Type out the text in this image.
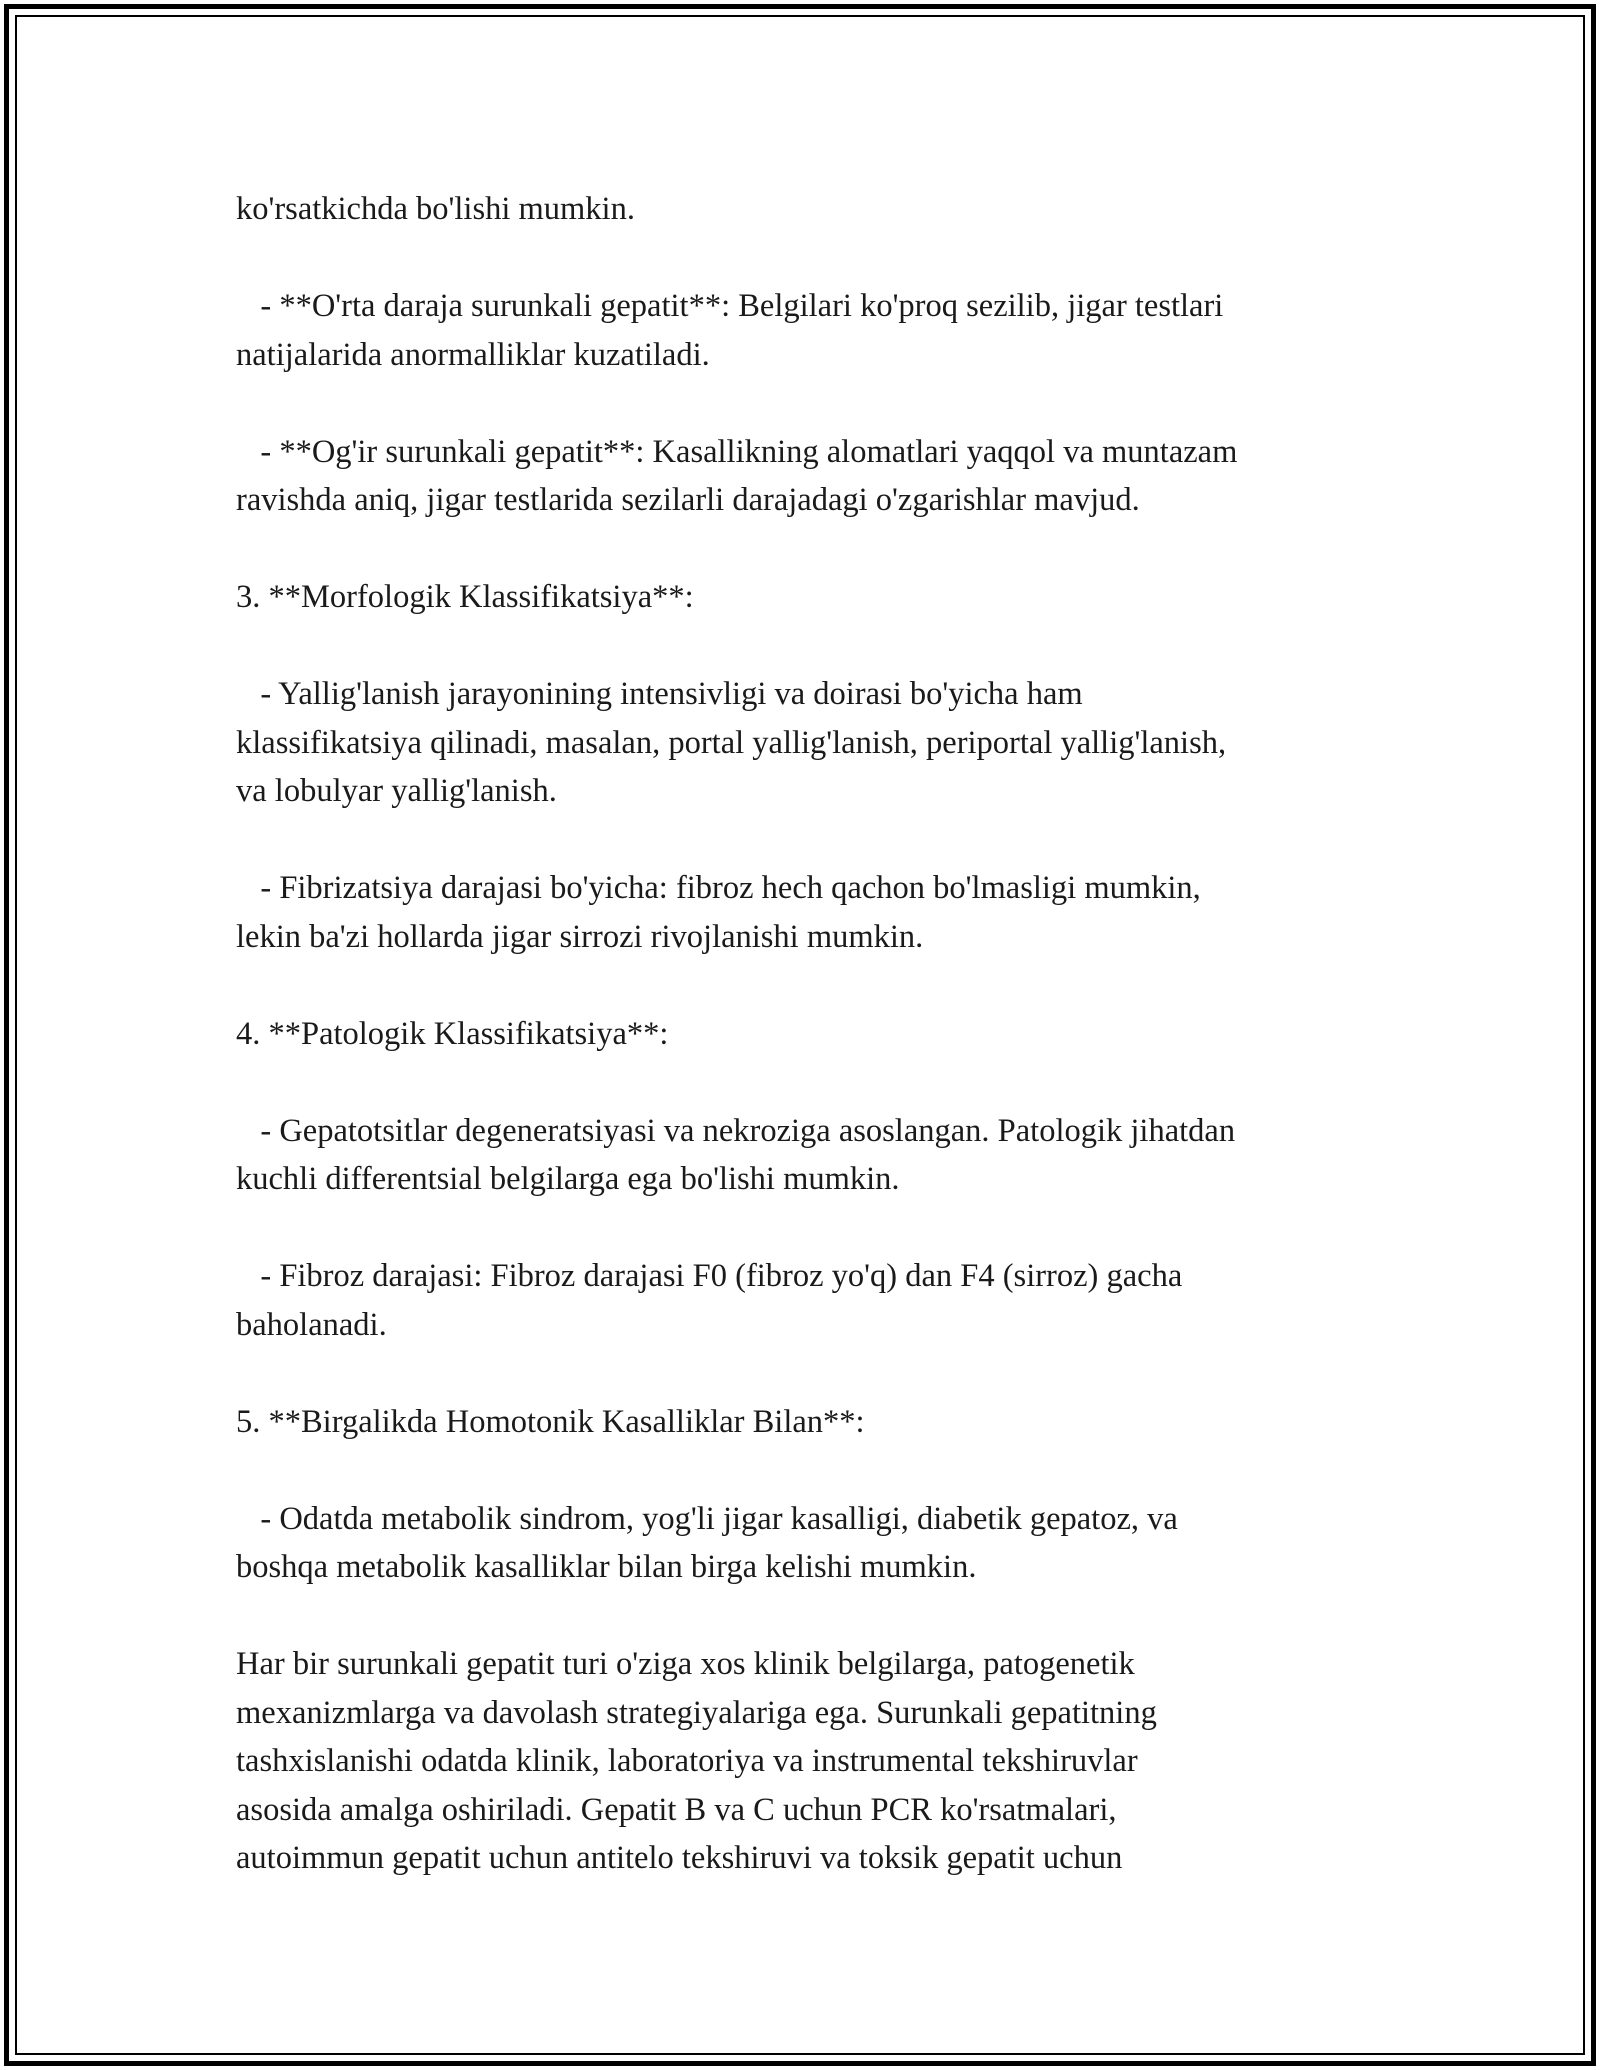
ko'rsatkichda bo'lishi mumkin.
- **O'rta daraja surunkali gepatit**: Belgilari ko'proq sezilib, jigar testlari
natijalarida anormalliklar kuzatiladi.
- **Og'ir surunkali gepatit**: Kasallikning alomatlari yaqqol va muntazam
ravishda aniq, jigar testlarida sezilarli darajadagi o'zgarishlar mavjud.
3. **Morfologik Klassifikatsiya**:
- Yallig'lanish jarayonining intensivligi va doirasi bo'yicha ham
klassifikatsiya qilinadi, masalan, portal yallig'lanish, periportal yallig'lanish,
va lobulyar yallig'lanish.
- Fibrizatsiya darajasi bo'yicha: fibroz hech qachon bo'lmasligi mumkin,
lekin ba'zi hollarda jigar sirrozi rivojlanishi mumkin.
4. **Patologik Klassifikatsiya**:
- Gepatotsitlar degeneratsiyasi va nekroziga asoslangan. Patologik jihatdan
kuchli differentsial belgilarga ega bo'lishi mumkin.
- Fibroz darajasi: Fibroz darajasi F0 (fibroz yo'q) dan F4 (sirroz) gacha
baholanadi.
5. **Birgalikda Homotonik Kasalliklar Bilan**:
- Odatda metabolik sindrom, yog'li jigar kasalligi, diabetik gepatoz, va
boshqa metabolik kasalliklar bilan birga kelishi mumkin.
Har bir surunkali gepatit turi o'ziga xos klinik belgilarga, patogenetik
mexanizmlarga va davolash strategiyalariga ega. Surunkali gepatitning
tashxislanishi odatda klinik, laboratoriya va instrumental tekshiruvlar
asosida amalga oshiriladi. Gepatit B va C uchun PCR ko'rsatmalari,
autoimmun gepatit uchun antitelo tekshiruvi va toksik gepatit uchun
